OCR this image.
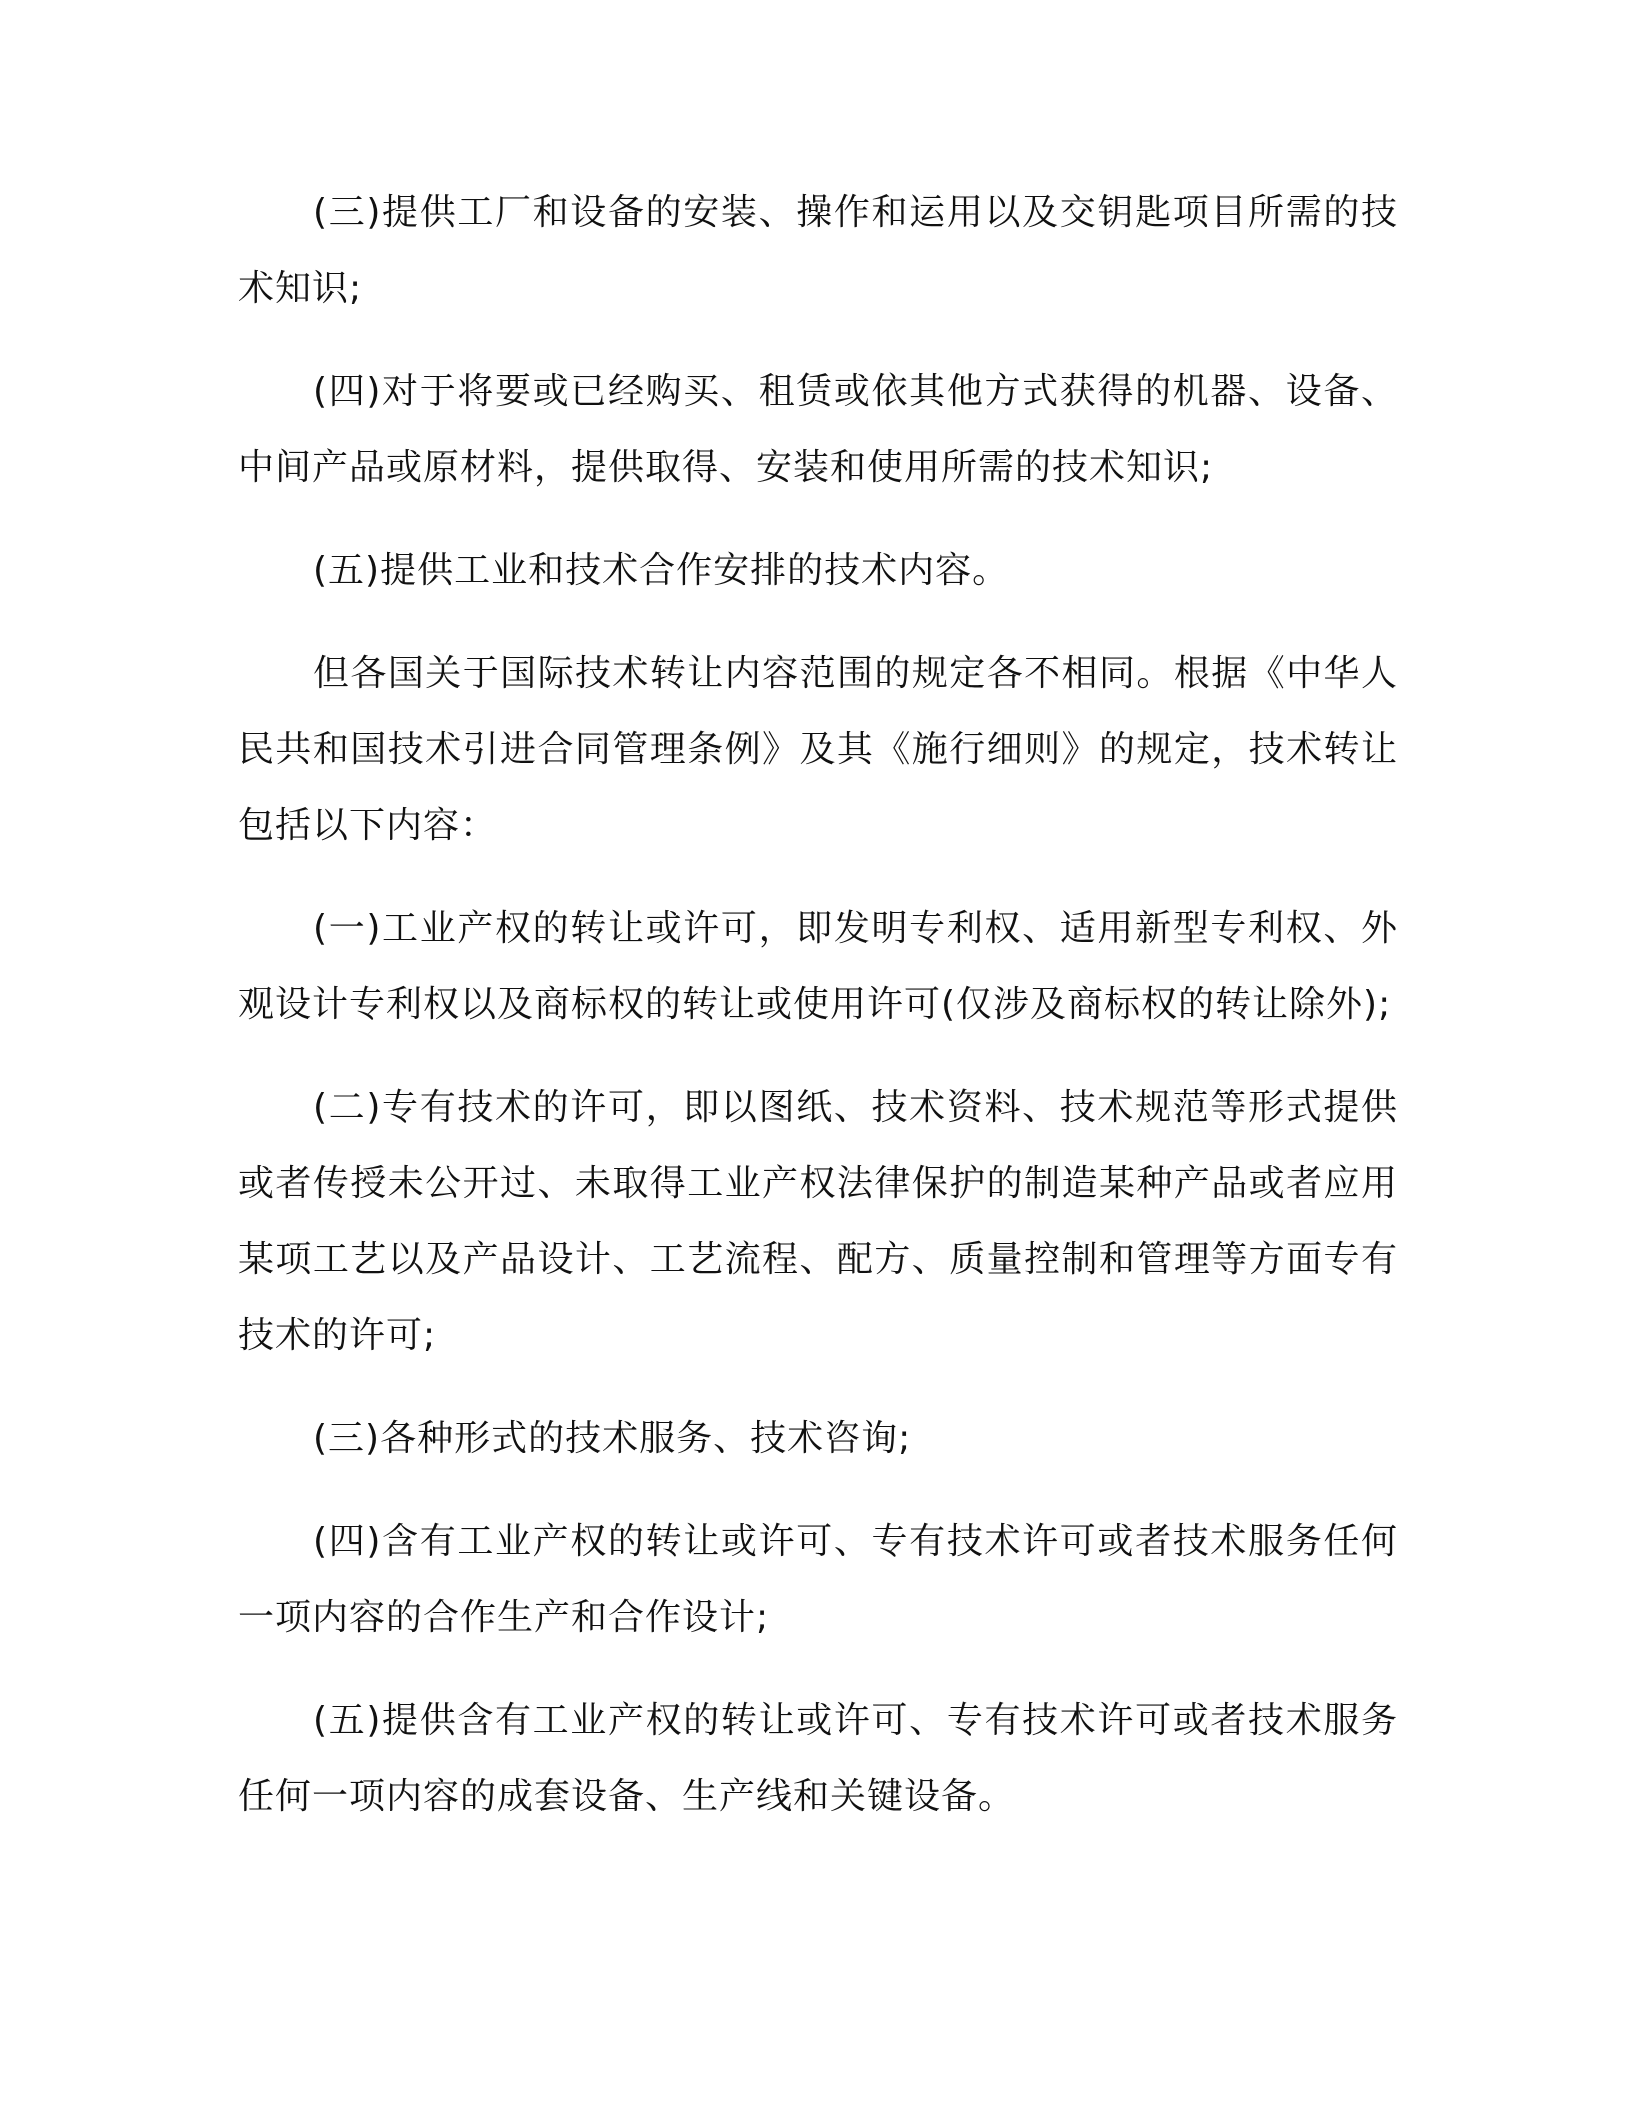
(三)提供工厂和设备的安装、操作和运用以及交钥匙项目所需的技术知识;

(四)对于将要或已经购买、租赁或依其他方式获得的机器、设备、中间产品或原材料，提供取得、安装和使用所需的技术知识;

(五)提供工业和技术合作安排的技术内容。

但各国关于国际技术转让内容范围的规定各不相同。根据《中华人民共和国技术引进合同管理条例》及其《施行细则》的规定，技术转让包括以下内容：

(一)工业产权的转让或许可，即发明专利权、适用新型专利权、外观设计专利权以及商标权的转让或使用许可(仅涉及商标权的转让除外);

(二)专有技术的许可，即以图纸、技术资料、技术规范等形式提供或者传授未公开过、未取得工业产权法律保护的制造某种产品或者应用某项工艺以及产品设计、工艺流程、配方、质量控制和管理等方面专有技术的许可;

(三)各种形式的技术服务、技术咨询;

(四)含有工业产权的转让或许可、专有技术许可或者技术服务任何一项内容的合作生产和合作设计;

(五)提供含有工业产权的转让或许可、专有技术许可或者技术服务任何一项内容的成套设备、生产线和关键设备。
